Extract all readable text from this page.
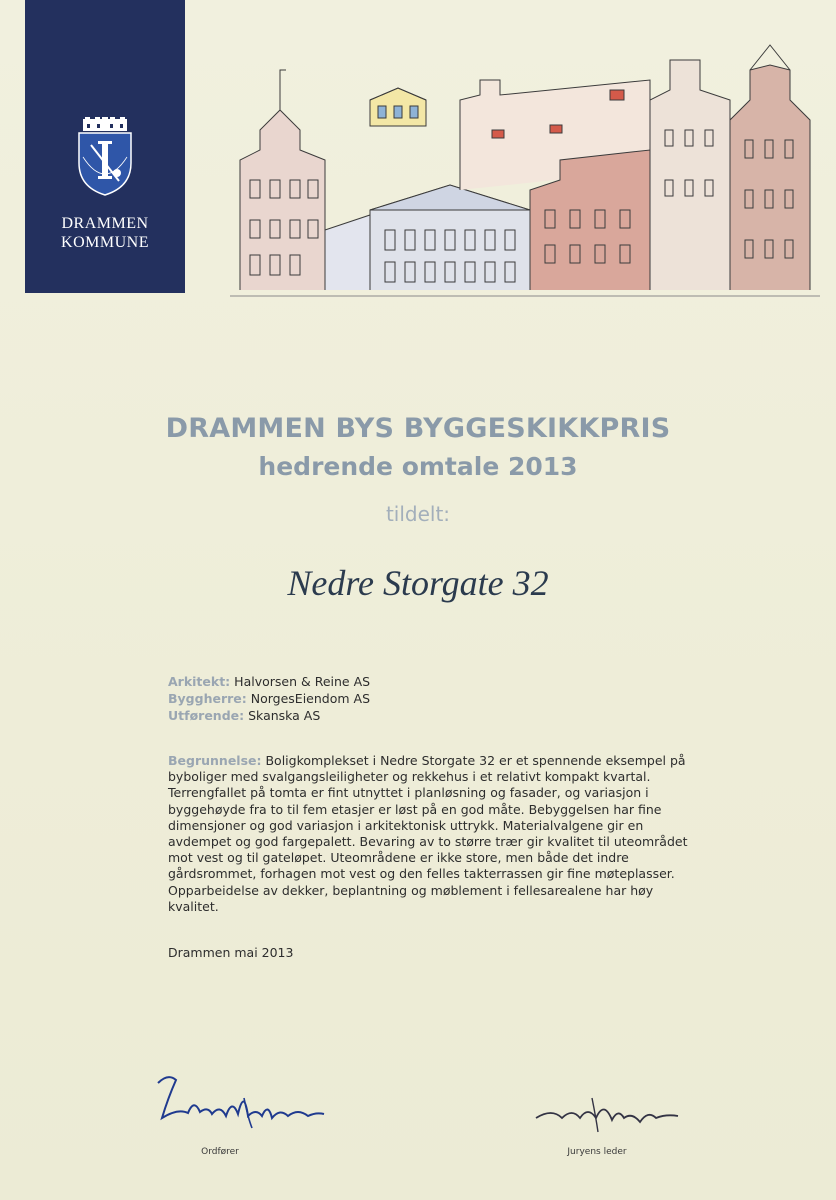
DRAMMEN
KOMMUNE
DRAMMEN BYS BYGGESKIKKPRIS
hedrende omtale 2013
tildelt:
Nedre Storgate 32
Arkitekt: Halvorsen & Reine AS
Byggherre: NorgesEiendom AS
Utførende: Skanska AS
Begrunnelse: Boligkomplekset i Nedre Storgate 32 er et spennende eksempel på byboliger med svalgangsleiligheter og rekkehus i et relativt kompakt kvartal. Terrengfallet på tomta er fint utnyttet i planløsning og fasader, og variasjon i byggehøyde fra to til fem etasjer er løst på en god måte. Bebyggelsen har fine dimensjoner og god variasjon i arkitektonisk uttrykk. Materialvalgene gir en avdempet og god fargepalett. Bevaring av to større trær gir kvalitet til uteområdet mot vest og til gateløpet. Uteområdene er ikke store, men både det indre gårdsrommet, forhagen mot vest og den felles takterrassen gir fine møteplasser. Opparbeidelse av dekker, beplantning og møblement i fellesarealene har høy kvalitet.
Drammen mai 2013
Ordfører	Juryens leder
